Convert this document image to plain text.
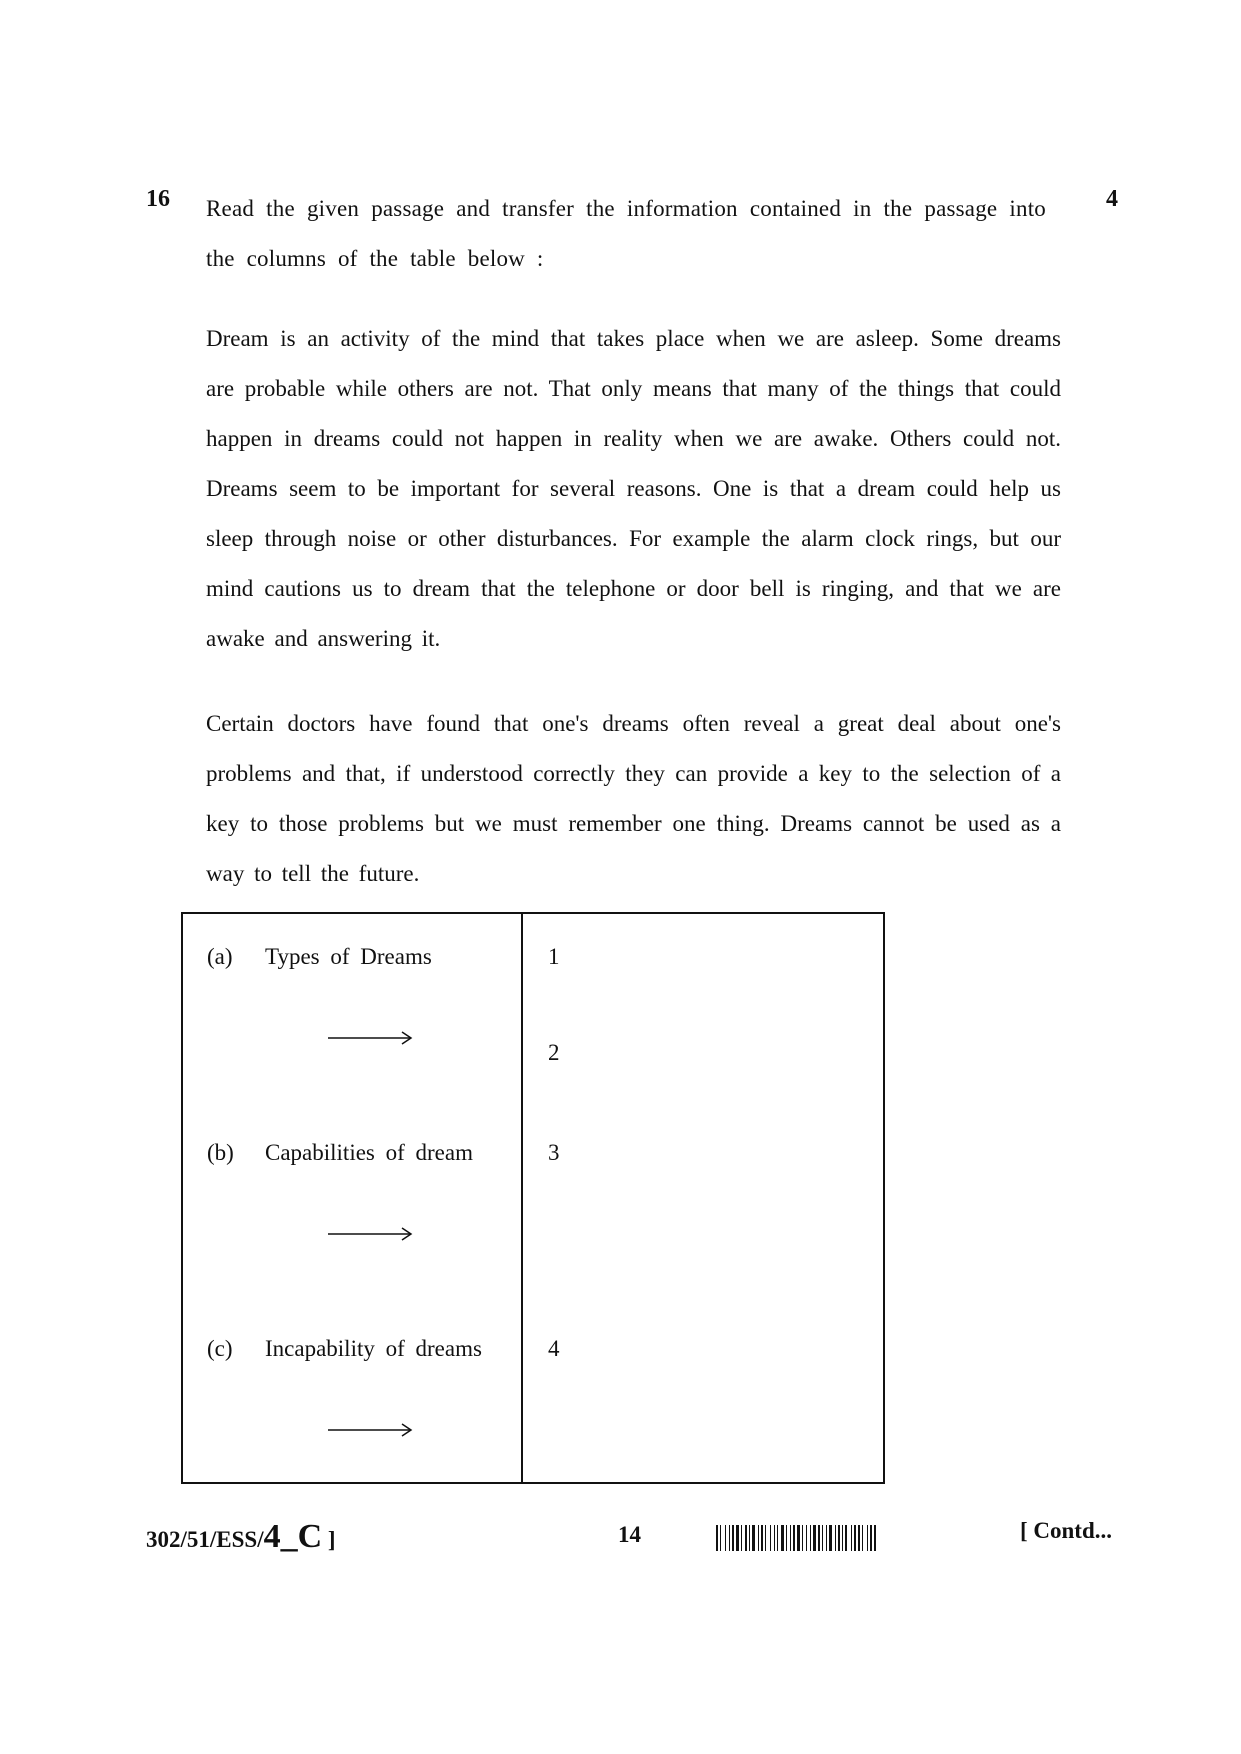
16 Read the given passage and transfer the information contained in the passage into the columns of the table below :
4
Dream is an activity of the mind that takes place when we are asleep. Some dreams are probable while others are not. That only means that many of the things that could happen in dreams could not happen in reality when we are awake. Others could not. Dreams seem to be important for several reasons. One is that a dream could help us sleep through noise or other disturbances. For example the alarm clock rings, but our mind cautions us to dream that the telephone or door bell is ringing, and that we are awake and answering it.
Certain doctors have found that one's dreams often reveal a great deal about one's problems and that, if understood correctly they can provide a key to the selection of a key to those problems but we must remember one thing. Dreams cannot be used as a way to tell the future.
(a) Types of Dreams
(b) Capabilities of dream
(c) Incapability of dreams
1
2
3
4
302/51/ESS/4_C ]	14	[ Contd...
